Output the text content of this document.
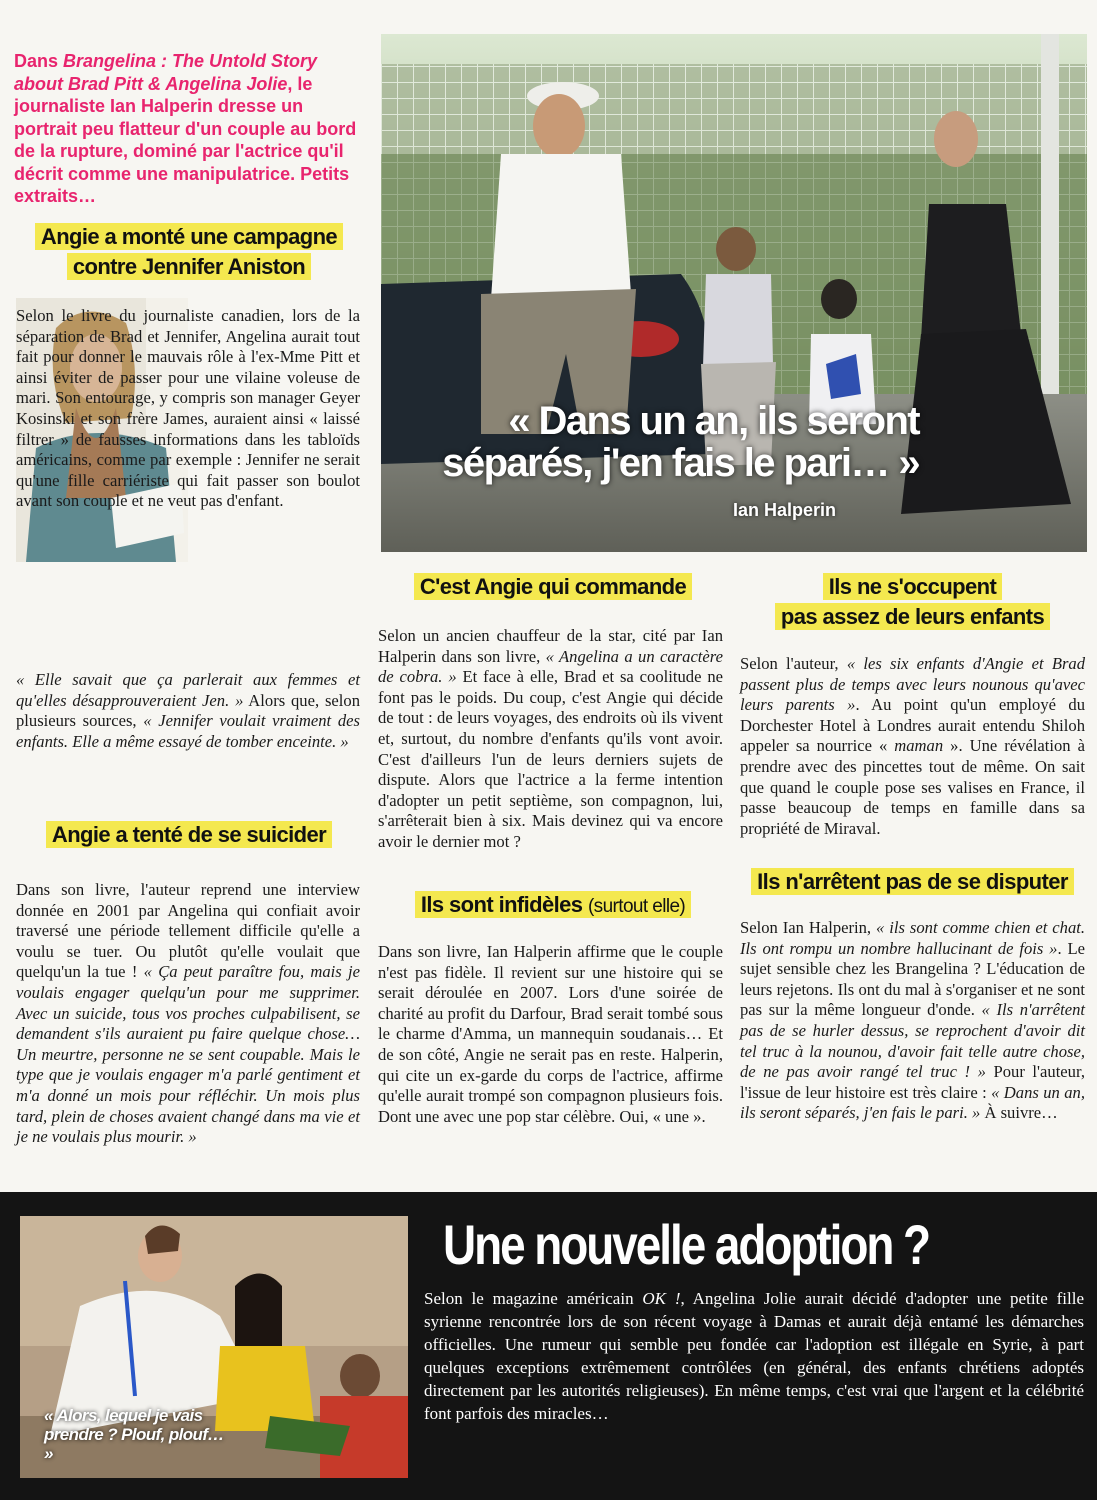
Dans Brangelina : The Untold Story about Brad Pitt & Angelina Jolie, le journaliste Ian Halperin dresse un portrait peu flatteur d'un couple au bord de la rupture, dominé par l'actrice qu'il décrit comme une manipulatrice. Petits extraits…
« Dans un an, ils seront séparés, j'en fais le pari… »
Ian Halperin
Angie a monté une campagne
contre Jennifer Aniston
Selon le livre du journaliste canadien, lors de la séparation de Brad et Jennifer, Angelina aurait tout fait pour donner le mauvais rôle à l'ex-Mme Pitt et ainsi éviter de passer pour une vilaine voleuse de mari. Son entourage, y compris son manager Geyer Kosinski et son frère James, auraient ainsi « laissé filtrer » de fausses informations dans les tabloïds américains, comme par exemple : Jennifer ne serait qu'une fille carriériste qui fait passer son boulot avant son couple et ne veut pas d'enfant.
« Elle savait que ça parlerait aux femmes et qu'elles désapprouveraient Jen. » Alors que, selon plusieurs sources, « Jennifer voulait vraiment des enfants. Elle a même essayé de tomber enceinte. »
Angie a tenté de se suicider
Dans son livre, l'auteur reprend une interview donnée en 2001 par Angelina qui confiait avoir traversé une période tellement difficile qu'elle a voulu se tuer. Ou plutôt qu'elle voulait que quelqu'un la tue ! « Ça peut paraître fou, mais je voulais engager quelqu'un pour me supprimer. Avec un suicide, tous vos proches culpabilisent, se demandent s'ils auraient pu faire quelque chose… Un meurtre, personne ne se sent coupable. Mais le type que je voulais engager m'a parlé gentiment et m'a donné un mois pour réfléchir. Un mois plus tard, plein de choses avaient changé dans ma vie et je ne voulais plus mourir. »
C'est Angie qui commande
Selon un ancien chauffeur de la star, cité par Ian Halperin dans son livre, « Angelina a un caractère de cobra. » Et face à elle, Brad et sa coolitude ne font pas le poids. Du coup, c'est Angie qui décide de tout : de leurs voyages, des endroits où ils vivent et, surtout, du nombre d'enfants qu'ils vont avoir. C'est d'ailleurs l'un de leurs derniers sujets de dispute. Alors que l'actrice a la ferme intention d'adopter un petit septième, son compagnon, lui, s'arrêterait bien à six. Mais devinez qui va encore avoir le dernier mot ?
Ils sont infidèles (surtout elle)
Dans son livre, Ian Halperin affirme que le couple n'est pas fidèle. Il revient sur une histoire qui se serait déroulée en 2007. Lors d'une soirée de charité au profit du Darfour, Brad serait tombé sous le charme d'Amma, un mannequin soudanais… Et de son côté, Angie ne serait pas en reste. Halperin, qui cite un ex-garde du corps de l'actrice, affirme qu'elle aurait trompé son compagnon plusieurs fois. Dont une avec une pop star célèbre. Oui, « une ».
Ils ne s'occupent
pas assez de leurs enfants
Selon l'auteur, « les six enfants d'Angie et Brad passent plus de temps avec leurs nounous qu'avec leurs parents ». Au point qu'un employé du Dorchester Hotel à Londres aurait entendu Shiloh appeler sa nourrice « maman ». Une révélation à prendre avec des pincettes tout de même. On sait que quand le couple pose ses valises en France, il passe beaucoup de temps en famille dans sa propriété de Miraval.
Ils n'arrêtent pas de se disputer
Selon Ian Halperin, « ils sont comme chien et chat. Ils ont rompu un nombre hallucinant de fois ». Le sujet sensible chez les Brangelina ? L'éducation de leurs rejetons. Ils ont du mal à s'organiser et ne sont pas sur la même longueur d'onde. « Ils n'arrêtent pas de se hurler dessus, se reprochent d'avoir dit tel truc à la nounou, d'avoir fait telle autre chose, de ne pas avoir rangé tel truc ! » Pour l'auteur, l'issue de leur histoire est très claire : « Dans un an, ils seront séparés, j'en fais le pari. » À suivre…
« Alors, lequel je vais prendre ? Plouf, plouf… »
Une nouvelle adoption ?
Selon le magazine américain OK !, Angelina Jolie aurait décidé d'adopter une petite fille syrienne rencontrée lors de son récent voyage à Damas et aurait déjà entamé les démarches officielles. Une rumeur qui semble peu fondée car l'adoption est illégale en Syrie, à part quelques exceptions extrêmement contrôlées (en général, des enfants chrétiens adoptés directement par les autorités religieuses). En même temps, c'est vrai que l'argent et la célébrité font parfois des miracles…
